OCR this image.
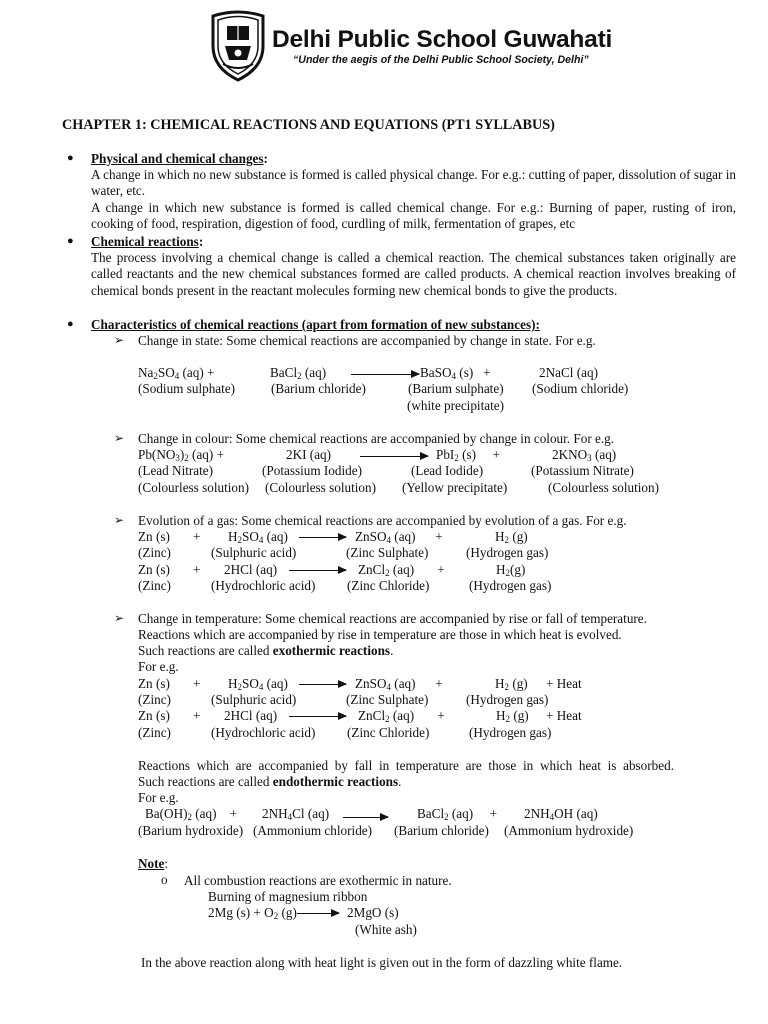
Delhi Public School Guwahati
“Under the aegis of the Delhi Public School Society, Delhi”
CHAPTER 1: CHEMICAL REACTIONS AND EQUATIONS (PT1 SYLLABUS)
● Physical and chemical changes:
A change in which no new substance is formed is called physical change. For e.g.: cutting of paper, dissolution of sugar in water, etc.
A change in which new substance is formed is called chemical change. For e.g.: Burning of paper, rusting of iron, cooking of food, respiration, digestion of food, curdling of milk, fermentation of grapes, etc
● Chemical reactions:
The process involving a chemical change is called a chemical reaction. The chemical substances taken originally are called reactants and the new chemical substances formed are called products. A chemical reaction involves breaking of chemical bonds present in the reactant molecules forming new chemical bonds to give the products.
● Characteristics of chemical reactions (apart from formation of new substances):
➢ Change in state: Some chemical reactions are accompanied by change in state. For e.g.
$Na_2SO_4$ (aq) +	BaCl$_2$ (aq)	BaSO$_4$ (s)   +	2NaCl (aq)
(Sodium sulphate)	(Barium chloride)	(Barium sulphate) (Sodium chloride)
(white precipitate)
➢ Change in colour: Some chemical reactions are accompanied by change in colour. For e.g.
$Pb(NO_3)_2$ (aq) +	2KI (aq)	PbI$_2$ (s)     +	$2KNO_3$ (aq)
(Lead Nitrate)	(Potassium Iodide)	(Lead Iodide)	(Potassium Nitrate)
(Colourless solution) (Colourless solution) (Yellow precipitate)	(Colourless solution)
➢ Evolution of a gas: Some chemical reactions are accompanied by evolution of a gas. For e.g.
Zn (s)       + $H_2SO_4$ (aq)	ZnSO$_4$ (aq)      +	$H_2$ (g)
(Zinc)	(Sulphuric acid)	(Zinc Sulphate)	(Hydrogen gas)
Zn (s)       + 2HCl (aq)	ZnCl$_2$ (aq)       +	$H_2(g)$
(Zinc)	(Hydrochloric acid) (Zinc Chloride)	(Hydrogen gas)
➢ Change in temperature: Some chemical reactions are accompanied by rise or fall of temperature.
Reactions which are accompanied by rise in temperature are those in which heat is evolved.
Such reactions are called exothermic reactions.
For e.g.
Zn (s)       + $H_2SO_4$ (aq)	ZnSO$_4$ (aq)      +	$H_2$ (g) + Heat
(Zinc)	(Sulphuric acid)	(Zinc Sulphate)	(Hydrogen gas)
Zn (s)       + 2HCl (aq)	ZnCl$_2$ (aq)       +	$H_2$ (g) + Heat
(Zinc)	(Hydrochloric acid) (Zinc Chloride)	(Hydrogen gas)
Reactions which are accompanied by fall in temperature are those in which heat is absorbed.
Such reactions are called endothermic reactions.
For e.g.
$Ba(OH)_2$ (aq)    + $2NH_4Cl$ (aq)	BaCl$_2$ (aq)     + $2NH_4OH$ (aq)
(Barium hydroxide) (Ammonium chloride) (Barium chloride) (Ammonium hydroxide)
Note:
o All combustion reactions are exothermic in nature.
Burning of magnesium ribbon
2Mg $(s) + O_2$ (g)	2MgO (s)
(White ash)
In the above reaction along with heat light is given out in the form of dazzling white flame.
